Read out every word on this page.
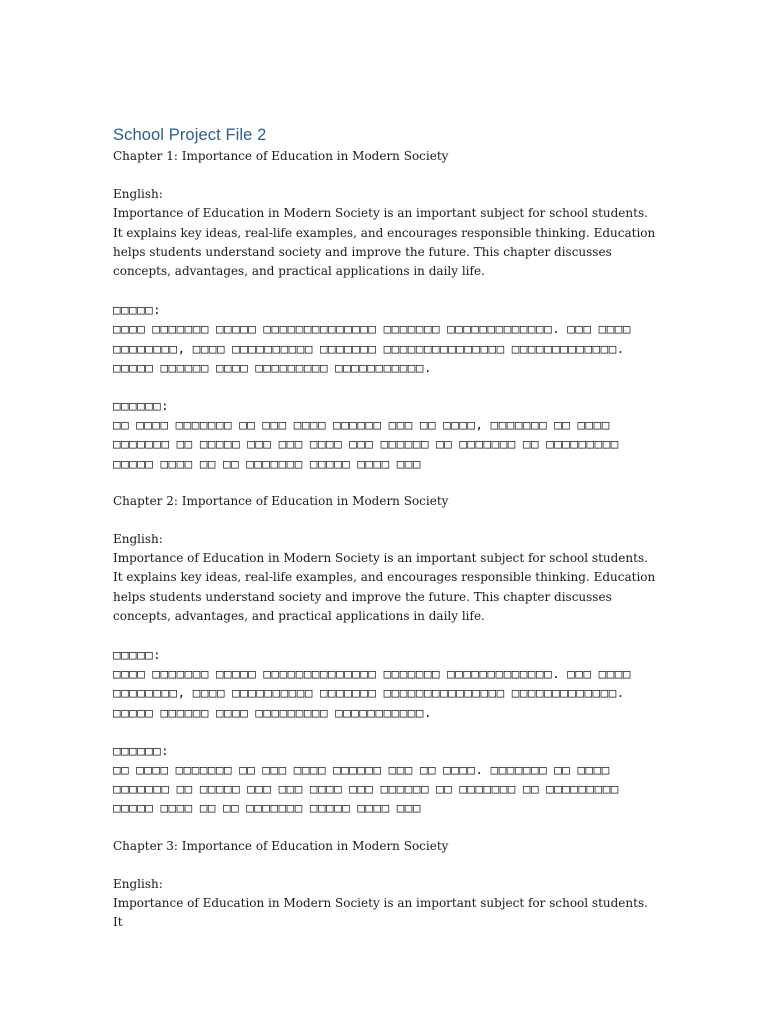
School Project File 2

Chapter 1: Importance of Education in Modern Society

English:

Importance of Education in Modern Society is an important subject for school students. It explains key ideas, real-life examples, and encourages responsible thinking. Education helps students understand society and improve the future. This chapter discusses concepts, advantages, and practical applications in daily life.

□□□□□:

□□□□ □□□□□□□ □□□□□ □□□□□□□□□□□□□□ □□□□□□□ □□□□□□□□□□□□□. □□□ □□□□ □□□□□□□□, □□□□ □□□□□□□□□□ □□□□□□□ □□□□□□□□□□□□□□□ □□□□□□□□□□□□□. □□□□□ □□□□□□ □□□□ □□□□□□□□□ □□□□□□□□□□□.

□□□□□□:

□□ □□□□ □□□□□□□ □□ □□□ □□□□ □□□□□□ □□□ □□ □□□□, □□□□□□□ □□ □□□□ □□□□□□□ □□ □□□□□ □□□ □□□ □□□□ □□□ □□□□□□ □□ □□□□□□□ □□ □□□□□□□□□ □□□□□ □□□□ □□ □□ □□□□□□□ □□□□□ □□□□ □□□

Chapter 2: Importance of Education in Modern Society

English:

Importance of Education in Modern Society is an important subject for school students. It explains key ideas, real-life examples, and encourages responsible thinking. Education helps students understand society and improve the future. This chapter discusses concepts, advantages, and practical applications in daily life.

□□□□□:

□□□□ □□□□□□□ □□□□□ □□□□□□□□□□□□□□ □□□□□□□ □□□□□□□□□□□□□. □□□ □□□□ □□□□□□□□, □□□□ □□□□□□□□□□ □□□□□□□ □□□□□□□□□□□□□□□ □□□□□□□□□□□□□. □□□□□ □□□□□□ □□□□ □□□□□□□□□ □□□□□□□□□□□.

□□□□□□:

□□ □□□□ □□□□□□□ □□ □□□ □□□□ □□□□□□ □□□ □□ □□□□. □□□□□□□ □□ □□□□ □□□□□□□ □□ □□□□□ □□□ □□□ □□□□ □□□ □□□□□□ □□ □□□□□□□ □□ □□□□□□□□□ □□□□□ □□□□ □□ □□ □□□□□□□ □□□□□ □□□□ □□□

Chapter 3: Importance of Education in Modern Society

English:

Importance of Education in Modern Society is an important subject for school students. It
